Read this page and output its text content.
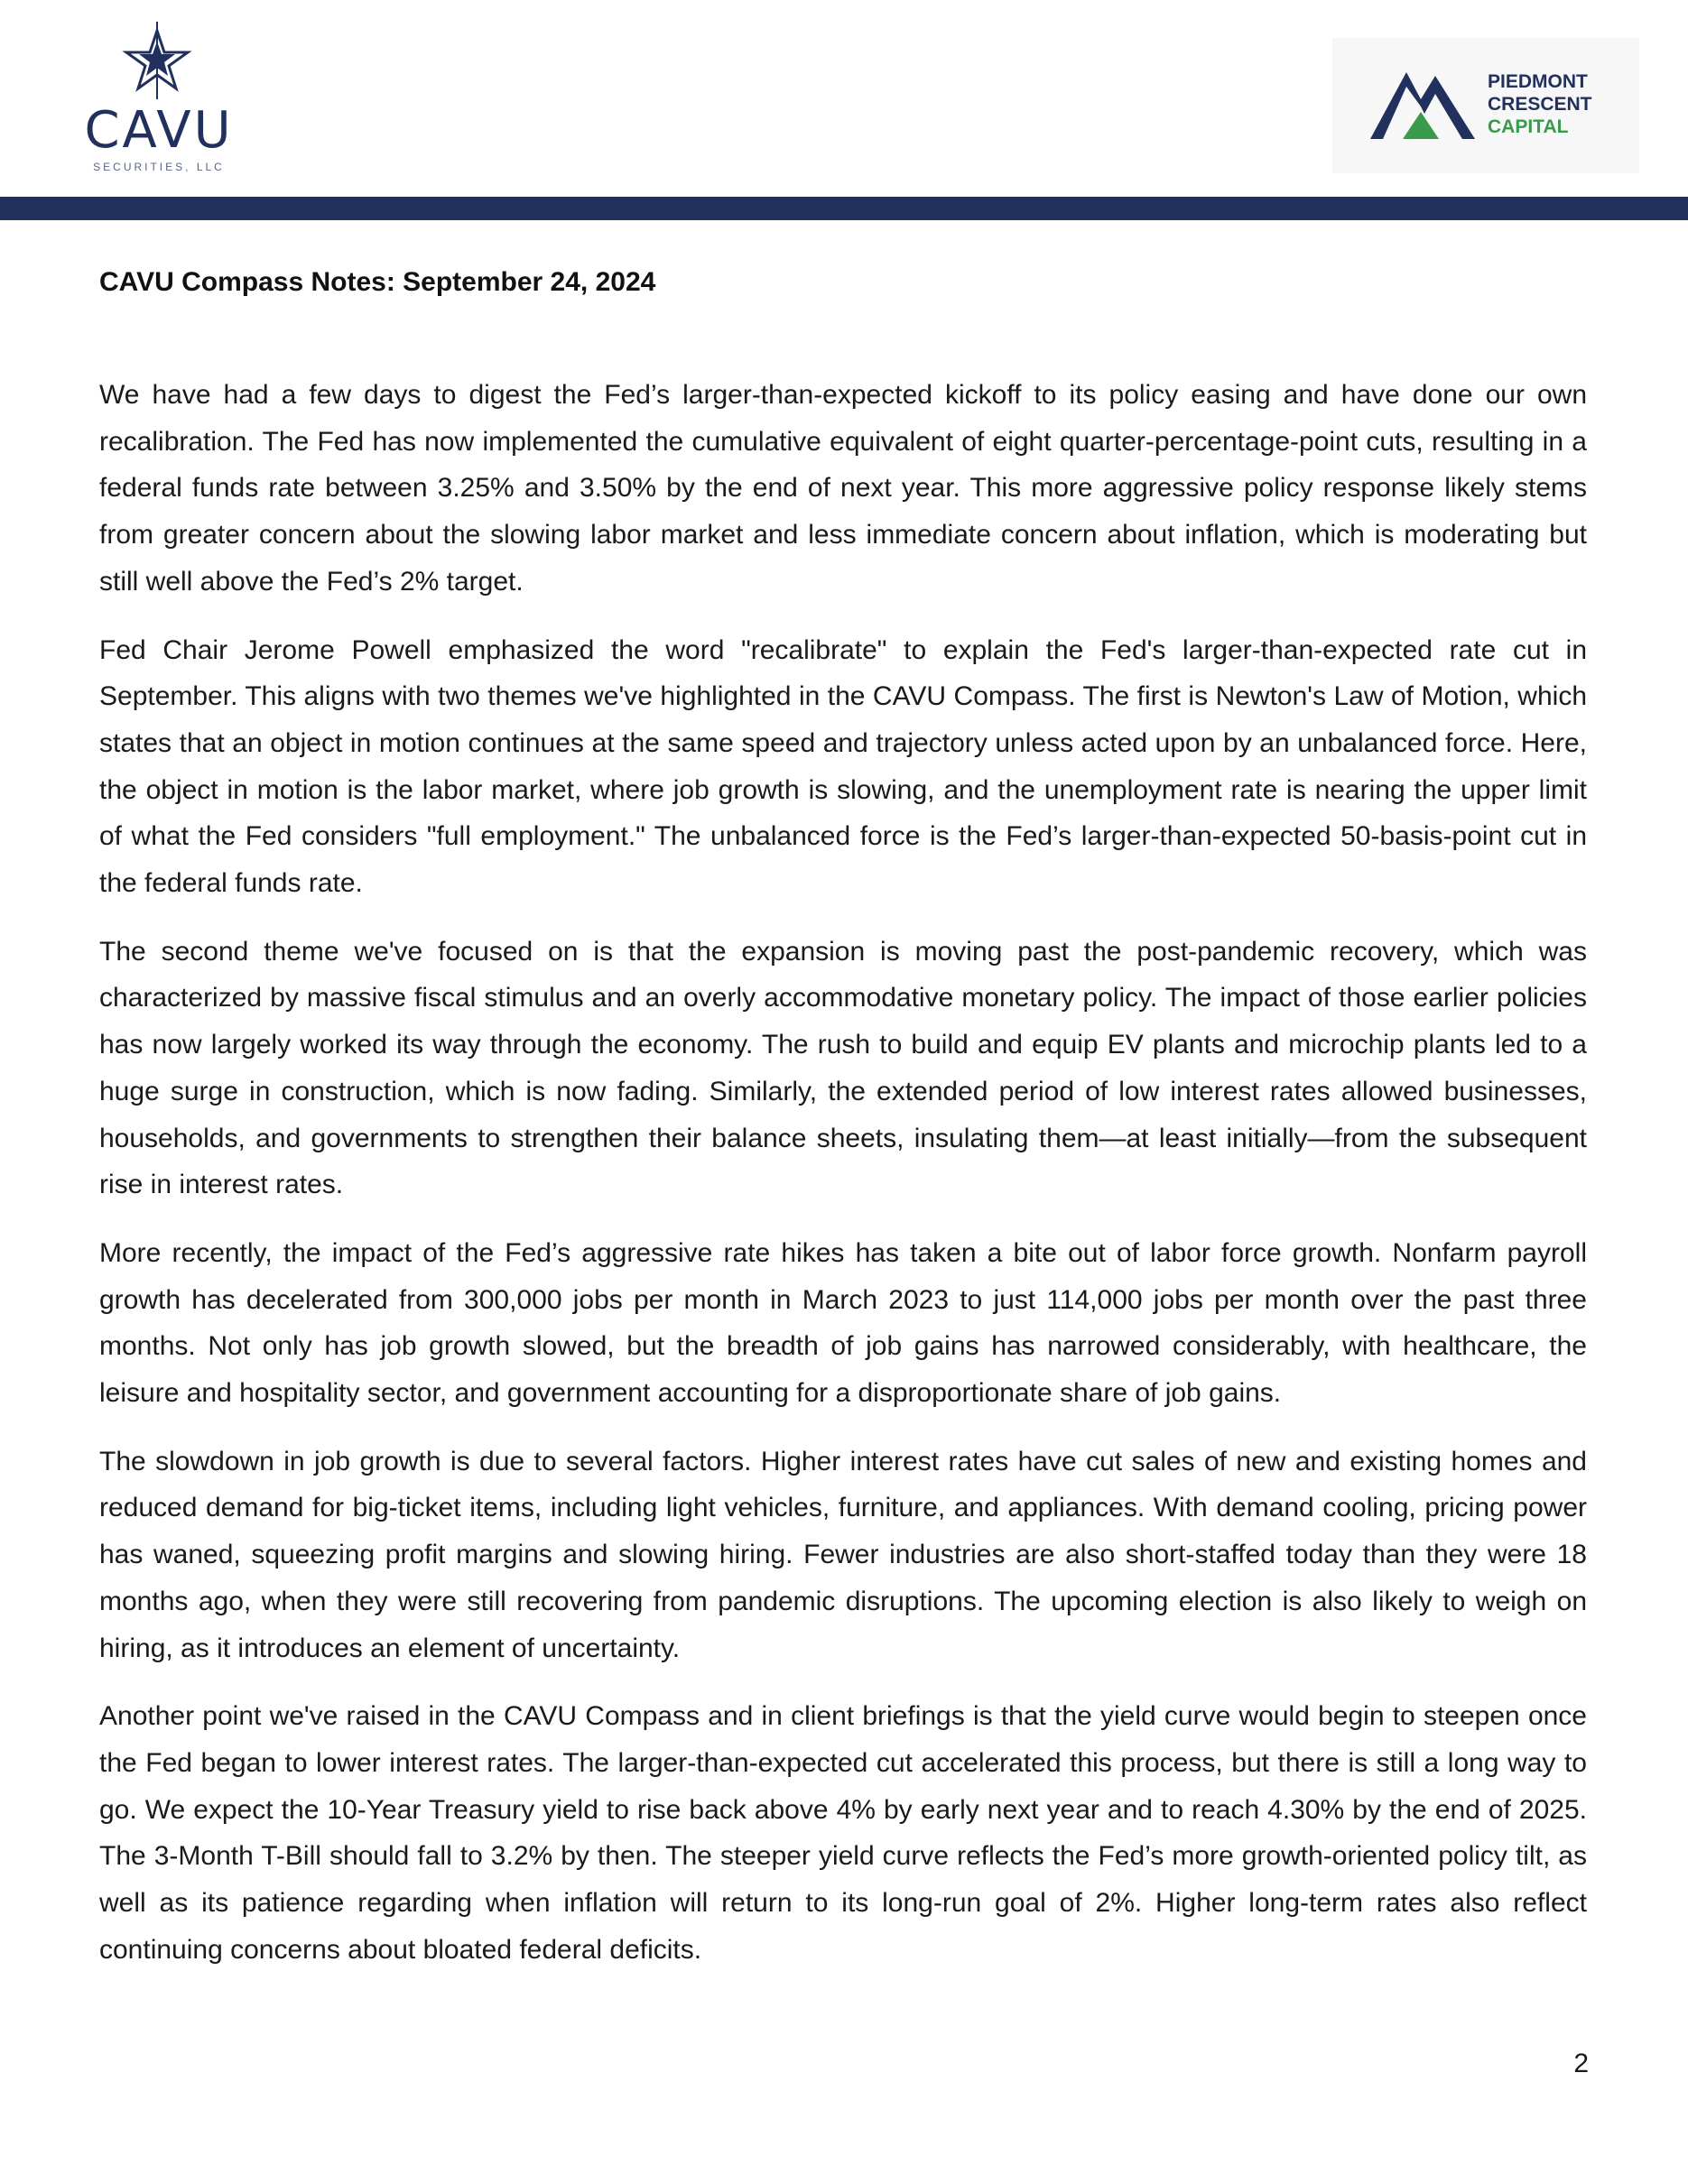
CAVU
SECURITIES, LLC
PIEDMONT
CRESCENT
CAPITAL
CAVU Compass Notes: September 24, 2024

We have had a few days to digest the Fed’s larger-than-expected kickoff to its policy easing and have done our own recalibration. The Fed has now implemented the cumulative equivalent of eight quarter-percentage-point cuts, resulting in a federal funds rate between 3.25% and 3.50% by the end of next year. This more aggressive policy response likely stems from greater concern about the slowing labor market and less immediate concern about inflation, which is moderating but still well above the Fed’s 2% target.

Fed Chair Jerome Powell emphasized the word "recalibrate" to explain the Fed's larger-than-expected rate cut in September. This aligns with two themes we've highlighted in the CAVU Compass. The first is Newton's Law of Motion, which states that an object in motion continues at the same speed and trajectory unless acted upon by an unbalanced force. Here, the object in motion is the labor market, where job growth is slowing, and the unemployment rate is nearing the upper limit of what the Fed considers "full employment." The unbalanced force is the Fed’s larger-than-expected 50-basis-point cut in the federal funds rate.

The second theme we've focused on is that the expansion is moving past the post-pandemic recovery, which was characterized by massive fiscal stimulus and an overly accommodative monetary policy. The impact of those earlier policies has now largely worked its way through the economy. The rush to build and equip EV plants and microchip plants led to a huge surge in construction, which is now fading. Similarly, the extended period of low interest rates allowed businesses, households, and governments to strengthen their balance sheets, insulating them—at least initially—from the subsequent rise in interest rates.

More recently, the impact of the Fed’s aggressive rate hikes has taken a bite out of labor force growth. Nonfarm payroll growth has decelerated from 300,000 jobs per month in March 2023 to just 114,000 jobs per month over the past three months. Not only has job growth slowed, but the breadth of job gains has narrowed considerably, with healthcare, the leisure and hospitality sector, and government accounting for a disproportionate share of job gains.

The slowdown in job growth is due to several factors. Higher interest rates have cut sales of new and existing homes and reduced demand for big-ticket items, including light vehicles, furniture, and appliances. With demand cooling, pricing power has waned, squeezing profit margins and slowing hiring. Fewer industries are also short-staffed today than they were 18 months ago, when they were still recovering from pandemic disruptions. The upcoming election is also likely to weigh on hiring, as it introduces an element of uncertainty.

Another point we've raised in the CAVU Compass and in client briefings is that the yield curve would begin to steepen once the Fed began to lower interest rates. The larger-than-expected cut accelerated this process, but there is still a long way to go. We expect the 10-Year Treasury yield to rise back above 4% by early next year and to reach 4.30% by the end of 2025. The 3-Month T-Bill should fall to 3.2% by then. The steeper yield curve reflects the Fed’s more growth-oriented policy tilt, as well as its patience regarding when inflation will return to its long-run goal of 2%. Higher long-term rates also reflect continuing concerns about bloated federal deficits.

2
